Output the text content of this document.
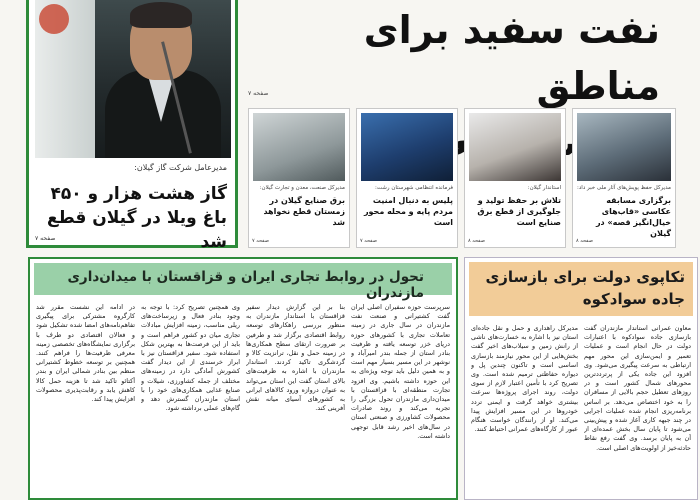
مدیرعامل شرکت گاز گیلان:
گاز هشت هزار و ۴۵۰ باغ ویلا در گیلان قطع شد
صفحه ۷
نفت سفید برای مناطق
صفحه ۷
مدیرکل صنعت، معدن و تجارت گیلان:
برق صنایع گیلان در زمستان قطع نخواهد شد
صفحه ۷
فرمانده انتظامی شهرستان رشت:
پلیس به دنبال امنیت مردم پایه و محله محور است
صفحه ۷
استاندار گیلان:
تلاش بر حفظ تولید و جلوگیری از قطع برق صنایع است
صفحه ۸
مدیرکل حفظ پویش‌های آثار ملی خبر داد:
برگزاری مسابقه عکاسی «قاب‌های خیال‌انگیز قصه» در گیلان
صفحه ۸
تحول در روابط تجاری ایران و قزاقستان با میدان‌داری مازندران
سرپرست حوزه سفیران اصلی ایران گفت کشتیرانی و صنعت نفت مازندران در سال جاری در زمینه تعاملات تجاری با کشورهای حوزه دریای خزر توسعه یافته و ظرفیت بنادر استان از جمله بندر امیرآباد و نوشهر در این مسیر بسیار مهم است و به همین دلیل باید توجه ویژه‌ای به این حوزه داشته باشیم. وی افزود تجارت منطقه‌ای با قزاقستان با میدان‌داری مازندران تحول بزرگی را تجربه می‌کند و روند صادرات محصولات کشاورزی و صنعتی استان در سال‌های اخیر رشد قابل توجهی داشته است.
بنا بر این گزارش دیدار سفیر قزاقستان با استاندار مازندران به منظور بررسی راهکارهای توسعه روابط اقتصادی برگزار شد و طرفین بر ضرورت ارتقای سطح همکاری‌ها در زمینه حمل و نقل، ترانزیت کالا و گردشگری تاکید کردند. استاندار مازندران با اشاره به ظرفیت‌های بالای استان گفت این استان می‌تواند به عنوان دروازه ورود کالاهای ایرانی به کشورهای آسیای میانه نقش آفرینی کند.
وی همچنین تصریح کرد: با توجه به وجود بنادر فعال و زیرساخت‌های ریلی مناسب، زمینه افزایش مبادلات تجاری میان دو کشور فراهم است و باید از این فرصت‌ها به بهترین شکل استفاده شود. سفیر قزاقستان نیز با ابراز خرسندی از این دیدار گفت کشورش آمادگی دارد در زمینه‌های مختلف از جمله کشاورزی، شیلات و صنایع غذایی همکاری‌های خود را با استان مازندران گسترش دهد و گام‌های عملی برداشته شود.
در ادامه این نشست مقرر شد کارگروه مشترکی برای پیگیری تفاهم‌نامه‌های امضا شده تشکیل شود و فعالان اقتصادی دو طرف با برگزاری نمایشگاه‌های تخصصی زمینه معرفی ظرفیت‌ها را فراهم کنند. همچنین بر توسعه خطوط کشتیرانی منظم بین بنادر شمالی ایران و بندر آکتائو تاکید شد تا هزینه حمل کالا کاهش یابد و رقابت‌پذیری محصولات افزایش پیدا کند.
تکاپوی دولت برای بازسازی جاده سوادکوه
معاون عمرانی استاندار مازندران گفت بازسازی جاده سوادکوه با اعتبارات دولت در حال انجام است و عملیات تعمیر و ایمن‌سازی این محور مهم ارتباطی به سرعت پیگیری می‌شود. وی افزود این جاده یکی از پرترددترین محورهای شمال کشور است و در روزهای تعطیل حجم بالایی از مسافران را به خود اختصاص می‌دهد. بر اساس برنامه‌ریزی انجام شده عملیات اجرایی در چند جبهه کاری آغاز شده و پیش‌بینی می‌شود تا پایان سال بخش عمده‌ای از آن به پایان برسد. وی گفت رفع نقاط حادثه‌خیز از اولویت‌های اصلی است.
مدیرکل راهداری و حمل و نقل جاده‌ای استان نیز با اشاره به خسارت‌های ناشی از رانش زمین و سیلاب‌های اخیر گفت بخش‌هایی از این محور نیازمند بازسازی اساسی است و تاکنون چندین پل و دیواره حفاظتی ترمیم شده است. وی تصریح کرد با تأمین اعتبار لازم از سوی دولت، روند اجرای پروژه‌ها سرعت بیشتری خواهد گرفت و ایمنی تردد خودروها در این مسیر افزایش پیدا می‌کند. او از رانندگان خواست هنگام عبور از کارگاه‌های عمرانی احتیاط کنند.
